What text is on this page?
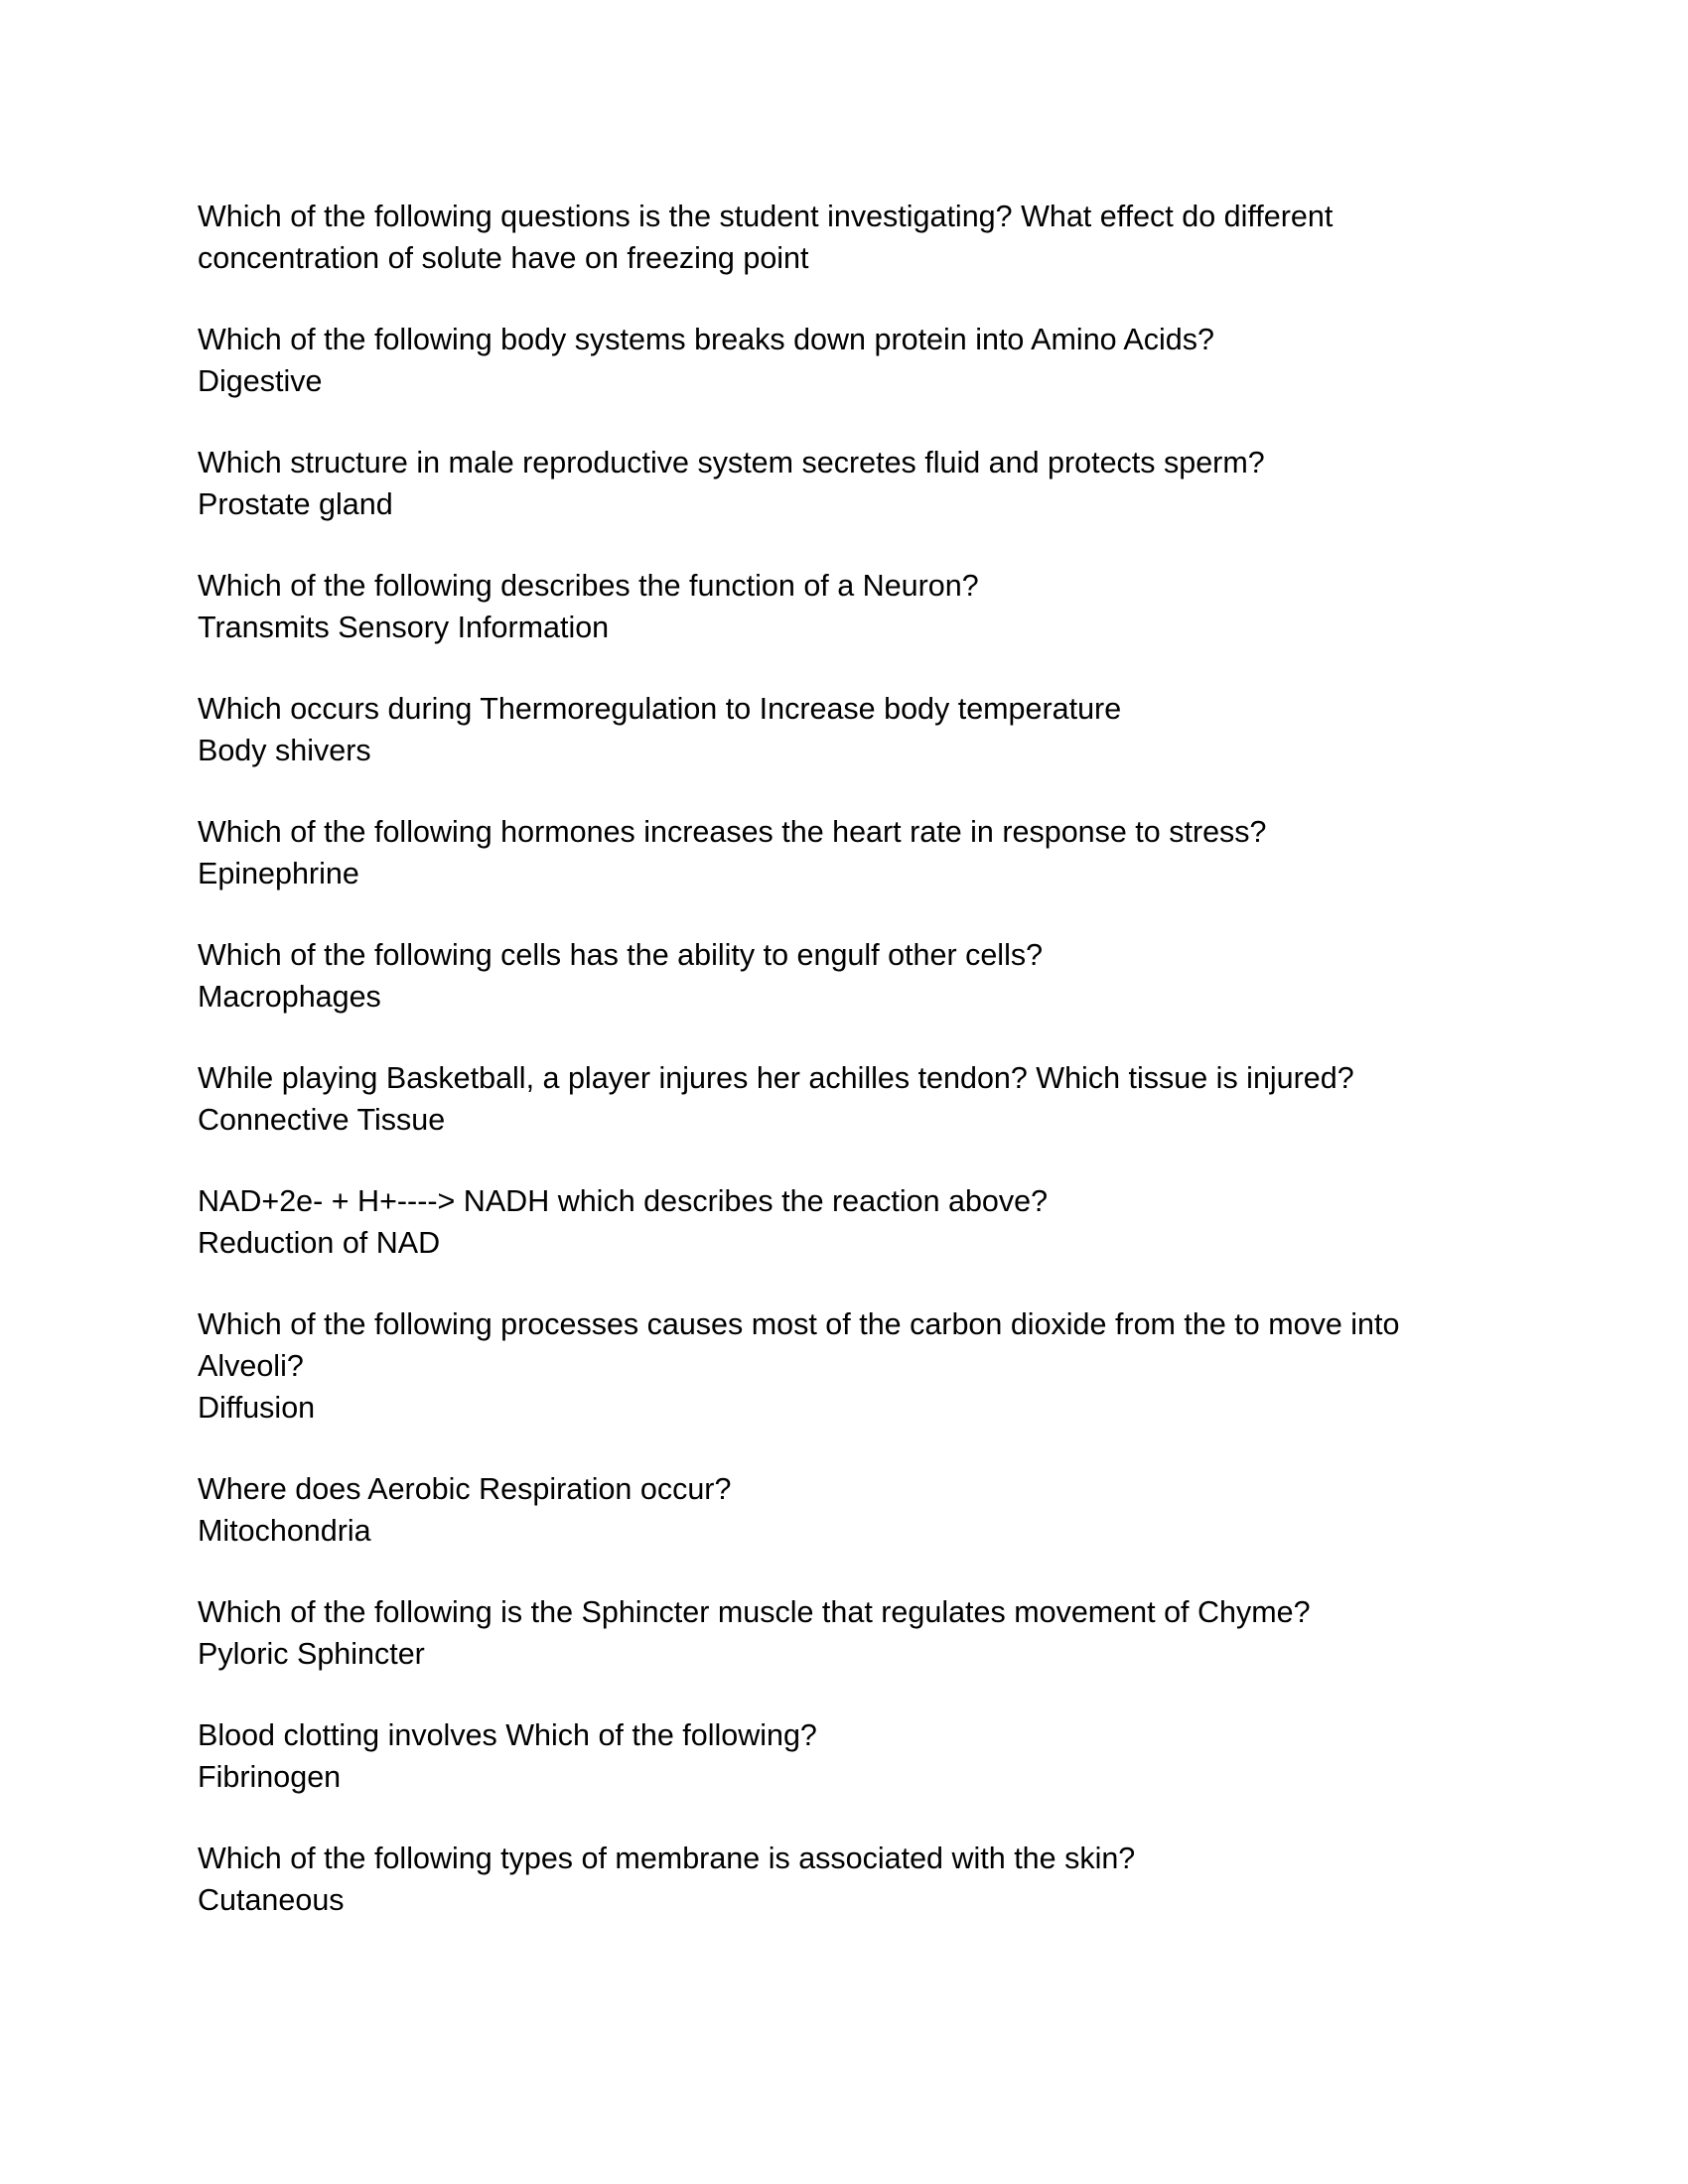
Which of the following questions is the student investigating? What effect do different concentration of solute have on freezing point

Which of the following body systems breaks down protein into Amino Acids?

Digestive

Which structure in male reproductive system secretes fluid and protects sperm?

Prostate gland

Which of the following describes the function of a Neuron?

Transmits Sensory Information

Which occurs during Thermoregulation to Increase body temperature

Body shivers

Which of the following hormones increases the heart rate in response to stress?

Epinephrine

Which of the following cells has the ability to engulf other cells?

Macrophages

While playing Basketball, a player injures her achilles tendon? Which tissue is injured?

Connective Tissue

NAD+2e- + H+----> NADH which describes the reaction above?

Reduction of NAD

Which of the following processes causes most of the carbon dioxide from the to move into Alveoli?

Diffusion

Where does Aerobic Respiration occur?

Mitochondria

Which of the following is the Sphincter muscle that regulates movement of Chyme?

Pyloric Sphincter

Blood clotting involves Which of the following?

Fibrinogen

Which of the following types of membrane is associated with the skin?

Cutaneous
